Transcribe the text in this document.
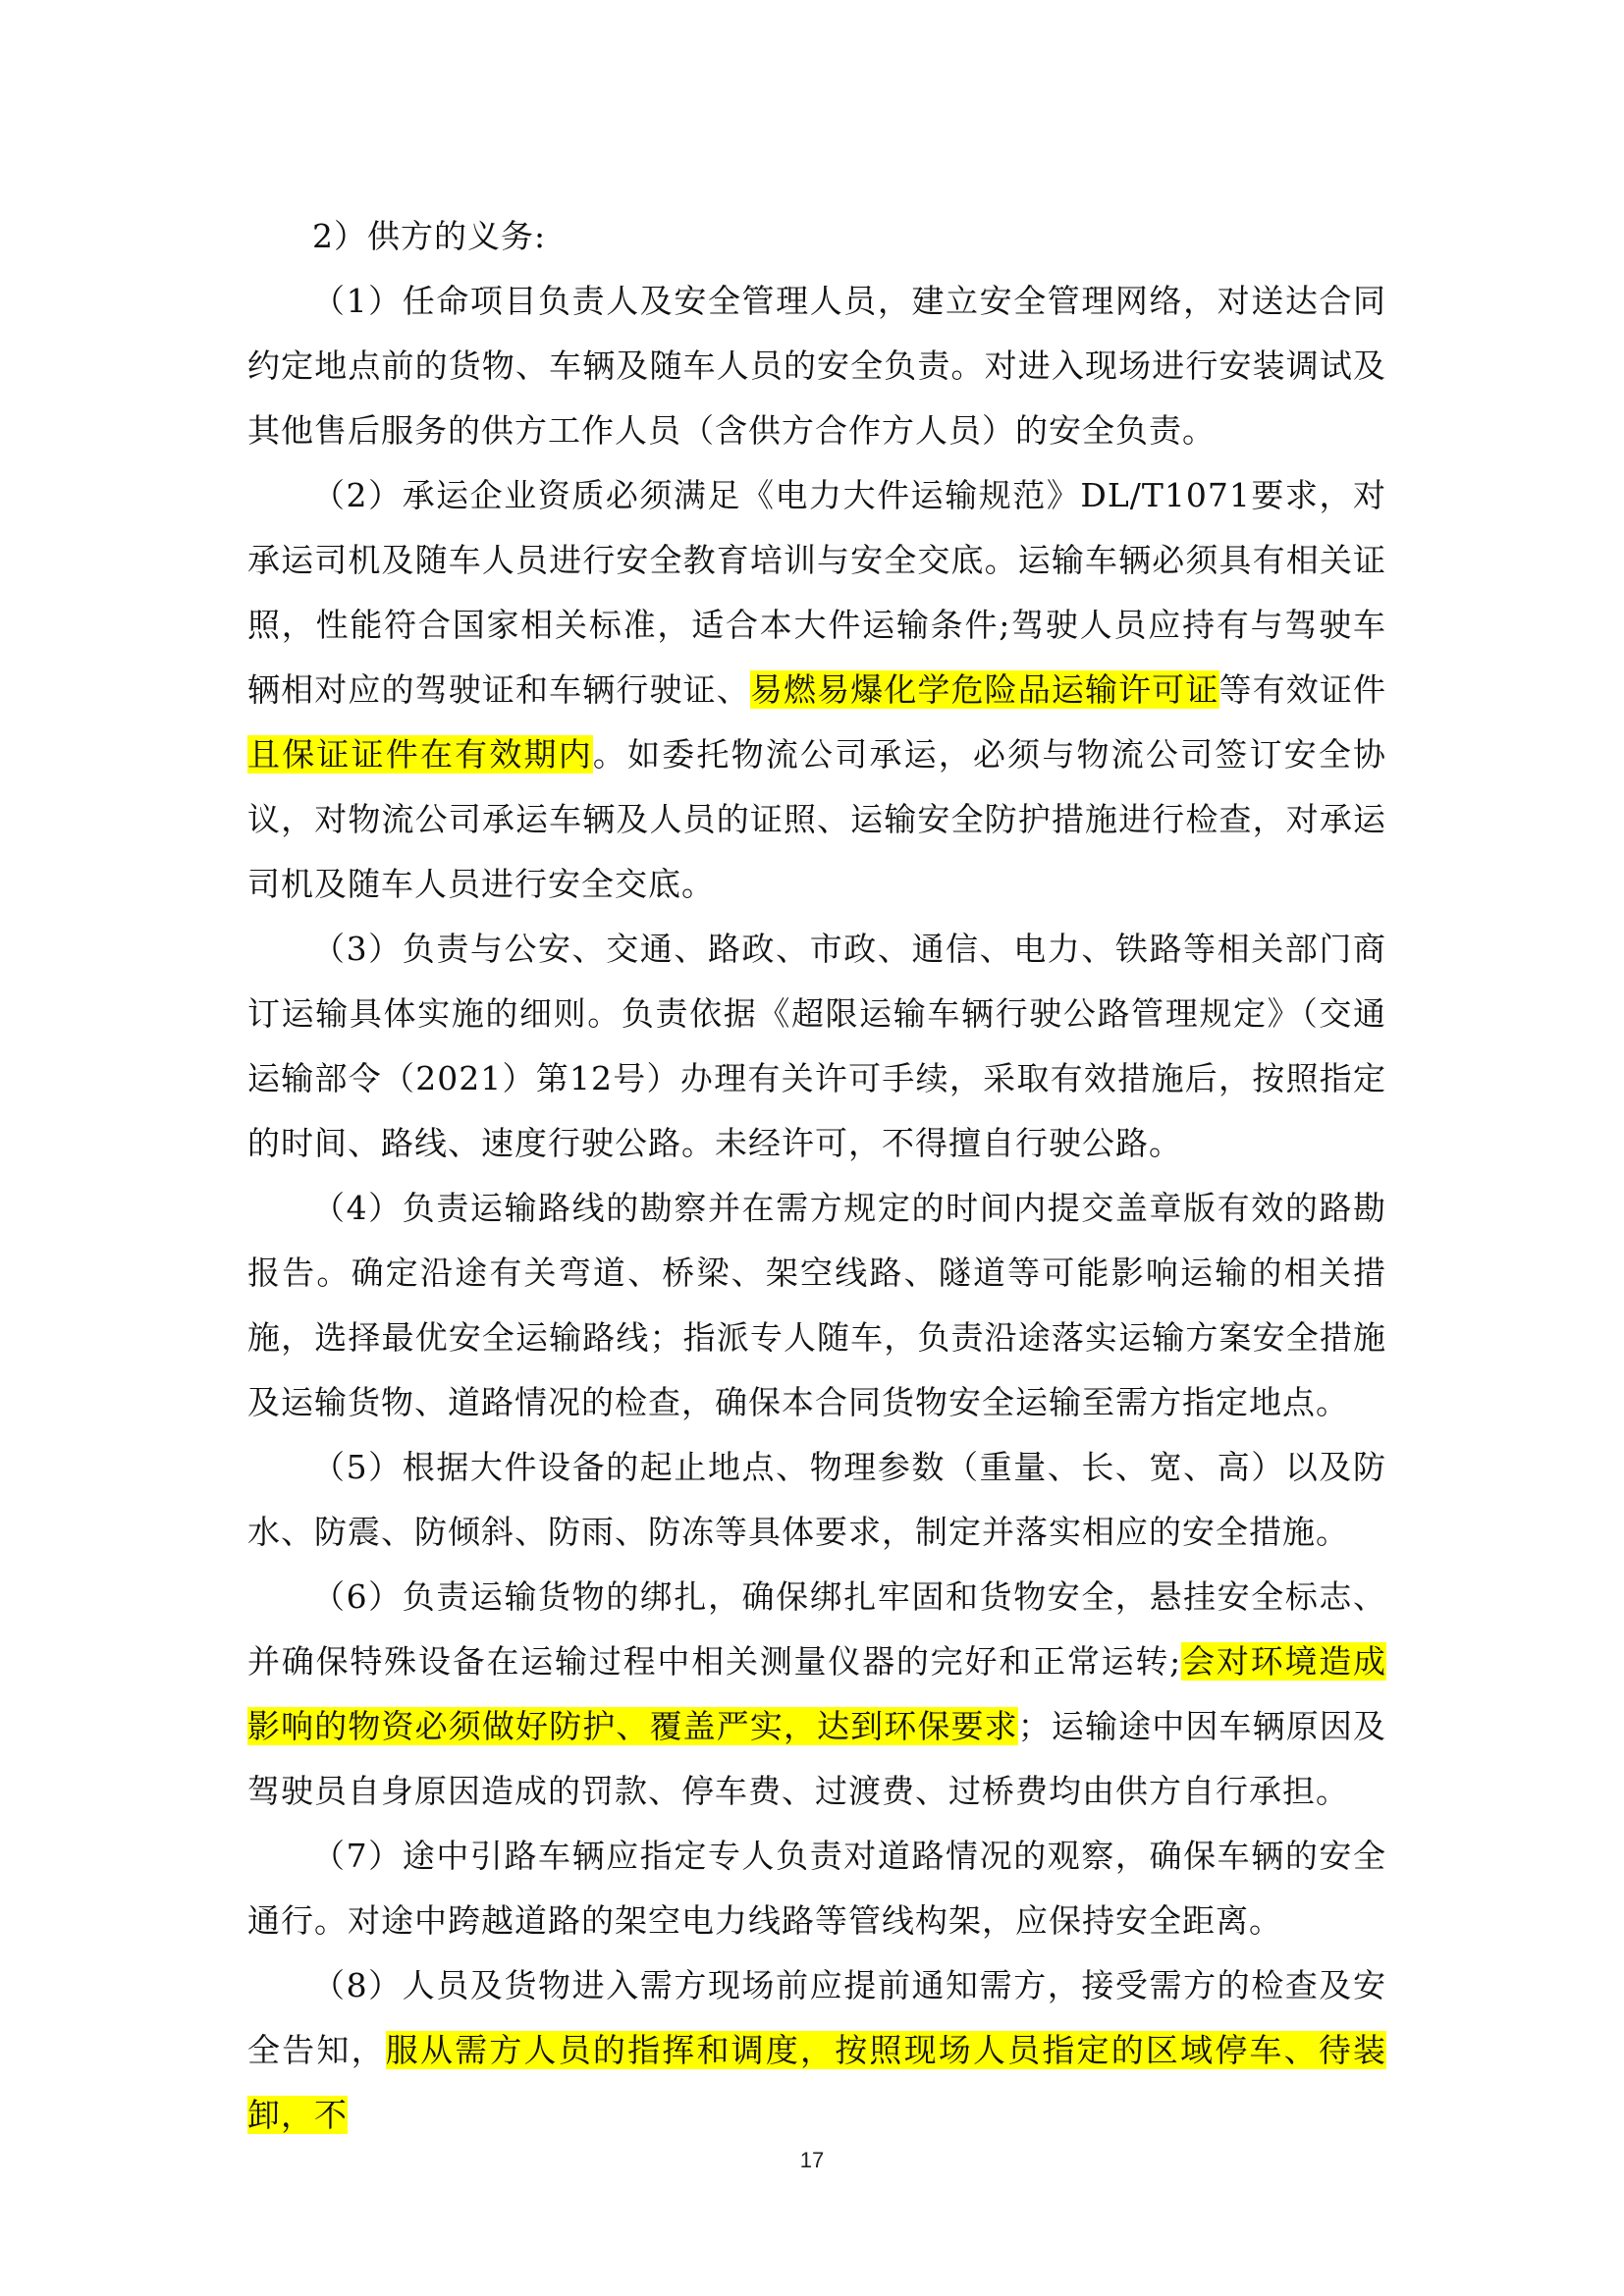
2）供方的义务:

（1）任命项目负责人及安全管理人员，建立安全管理网络，对送达合同约定地点前的货物、车辆及随车人员的安全负责。对进入现场进行安装调试及其他售后服务的供方工作人员（含供方合作方人员）的安全负责。

（2）承运企业资质必须满足《电力大件运输规范》DL/T1071要求，对承运司机及随车人员进行安全教育培训与安全交底。运输车辆必须具有相关证照，性能符合国家相关标准，适合本大件运输条件;驾驶人员应持有与驾驶车辆相对应的驾驶证和车辆行驶证、易燃易爆化学危险品运输许可证等有效证件且保证证件在有效期内。如委托物流公司承运，必须与物流公司签订安全协议，对物流公司承运车辆及人员的证照、运输安全防护措施进行检查，对承运司机及随车人员进行安全交底。

（3）负责与公安、交通、路政、市政、通信、电力、铁路等相关部门商订运输具体实施的细则。负责依据《超限运输车辆行驶公路管理规定》（交通运输部令（2021）第12号）办理有关许可手续，采取有效措施后，按照指定的时间、路线、速度行驶公路。未经许可，不得擅自行驶公路。

（4）负责运输路线的勘察并在需方规定的时间内提交盖章版有效的路勘报告。确定沿途有关弯道、桥梁、架空线路、隧道等可能影响运输的相关措施，选择最优安全运输路线；指派专人随车，负责沿途落实运输方案安全措施及运输货物、道路情况的检查，确保本合同货物安全运输至需方指定地点。

（5）根据大件设备的起止地点、物理参数（重量、长、宽、高）以及防水、防震、防倾斜、防雨、防冻等具体要求，制定并落实相应的安全措施。

（6）负责运输货物的绑扎，确保绑扎牢固和货物安全，悬挂安全标志、并确保特殊设备在运输过程中相关测量仪器的完好和正常运转;会对环境造成影响的物资必须做好防护、覆盖严实，达到环保要求；运输途中因车辆原因及驾驶员自身原因造成的罚款、停车费、过渡费、过桥费均由供方自行承担。

（7）途中引路车辆应指定专人负责对道路情况的观察，确保车辆的安全通行。对途中跨越道路的架空电力线路等管线构架，应保持安全距离。

（8）人员及货物进入需方现场前应提前通知需方，接受需方的检查及安全告知，服从需方人员的指挥和调度，按照现场人员指定的区域停车、待装卸，不

17
